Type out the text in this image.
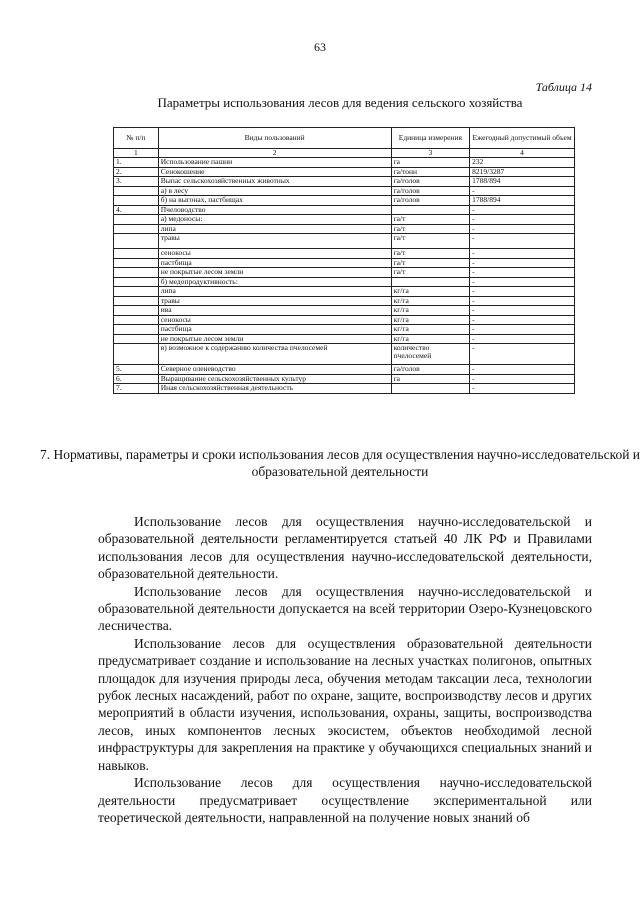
63
Таблица 14
Параметры использования лесов для ведения сельского хозяйства
№ п/п	Виды пользований	Единица измерения	Ежегодный допустимый объем
1	2	3	4
1.	Использование пашни	га	232
2.	Сенокошение	га/тонн	8219/3287
3.	Выпас сельскохозяйственных животных	га/голов	1788/894
	а) в лесу	га/голов	-
	б) на выгонах, пастбищах	га/голов	1788/894
4.	Пчеловодство		-
	а) медоносы:	га/т	-
	липа	га/т	-
	травы	га/т	-
	сенокосы	га/т	-
	пастбища	га/т	-
	не покрытые лесом земли	га/т	-
	б) медопродуктивность:		-
	липа	кг/га	-
	травы	кг/га	-
	ива	кг/га	-
	сенокосы	кг/га	-
	пастбища	кг/га	-
	не покрытые лесом земли	кг/га	-
	в) возможное к содержанию количества пчелосемей	количество пчелосемей	-
5.	Северное оленеводство	га/голов	-
6.	Выращивание сельскохозяйственных культур	га	-
7.	Иная сельскохозяйственная деятельность		-
7. Нормативы, параметры и сроки использования лесов для осуществления научно-исследовательской и образовательной деятельности

Использование лесов для осуществления научно-исследовательской и образовательной деятельности регламентируется статьей 40 ЛК РФ и Правилами использования лесов для осуществления научно-исследовательской деятельности, образовательной деятельности.

Использование лесов для осуществления научно-исследовательской и образовательной деятельности допускается на всей территории Озеро-Кузнецовского лесничества.

Использование лесов для осуществления образовательной деятельности предусматривает создание и использование на лесных участках полигонов, опытных площадок для изучения природы леса, обучения методам таксации леса, технологии рубок лесных насаждений, работ по охране, защите, воспроизводству лесов и других мероприятий в области изучения, использования, охраны, защиты, воспроизводства лесов, иных компонентов лесных экосистем, объектов необходимой лесной инфраструктуры для закрепления на практике у обучающихся специальных знаний и навыков.

Использование лесов для осуществления научно-исследовательской деятельности предусматривает осуществление экспериментальной или теоретической деятельности, направленной на получение новых знаний об
